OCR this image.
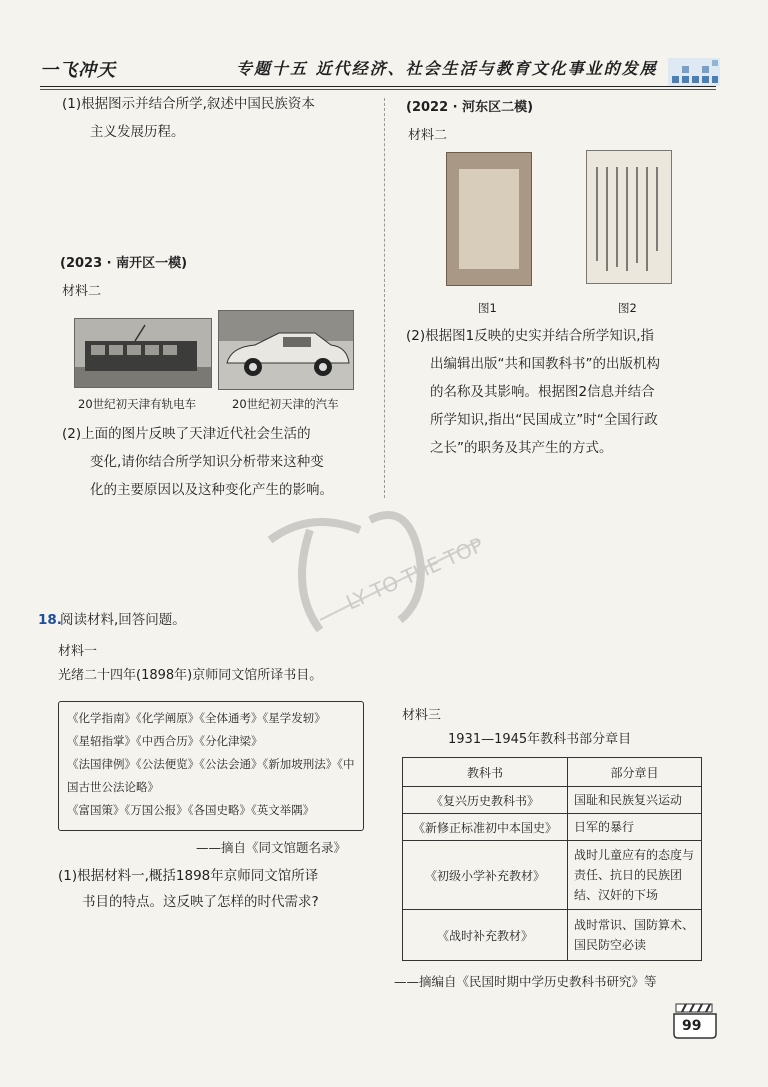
一飞冲天	专题十五 近代经济、社会生活与教育文化事业的发展
(1)根据图示并结合所学,叙述中国民族资本
主义发展历程。
(2023 · 南开区一模)
材料二
20世纪初天津有轨电车	20世纪初天津的汽车
(2)上面的图片反映了天津近代社会生活的
变化,请你结合所学知识分析带来这种变
化的主要原因以及这种变化产生的影响。
LY TO THE TOP
18.
阅读材料,回答问题。
材料一
光绪二十四年(1898年)京师同文馆所译书目。
《化学指南》《化学阐原》《全体通考》《星学发轫》
《星轺指掌》《中西合历》《分化津梁》
《法国律例》《公法便览》《公法会通》《新加坡刑法》《中
国古世公法论略》
《富国策》《万国公报》《各国史略》《英文举隅》
——摘自《同文馆题名录》
(1)根据材料一,概括1898年京师同文馆所译
书目的特点。这反映了怎样的时代需求?
(2022 · 河东区二模)
材料二
图1	图2
(2)根据图1反映的史实并结合所学知识,指
出编辑出版“共和国教科书”的出版机构
的名称及其影响。根据图2信息并结合
所学知识,指出“民国成立”时“全国行政
之长”的职务及其产生的方式。
材料三
1931—1945年教科书部分章目
教科书	部分章目
《复兴历史教科书》	国耻和民族复兴运动
《新修正标准初中本国史》	日军的暴行
《初级小学补充教材》	战时儿童应有的态度与责任、抗日的民族团结、汉奸的下场
《战时补充教材》	战时常识、国防算术、国民防空必读
——摘编自《民国时期中学历史教科书研究》等
99
